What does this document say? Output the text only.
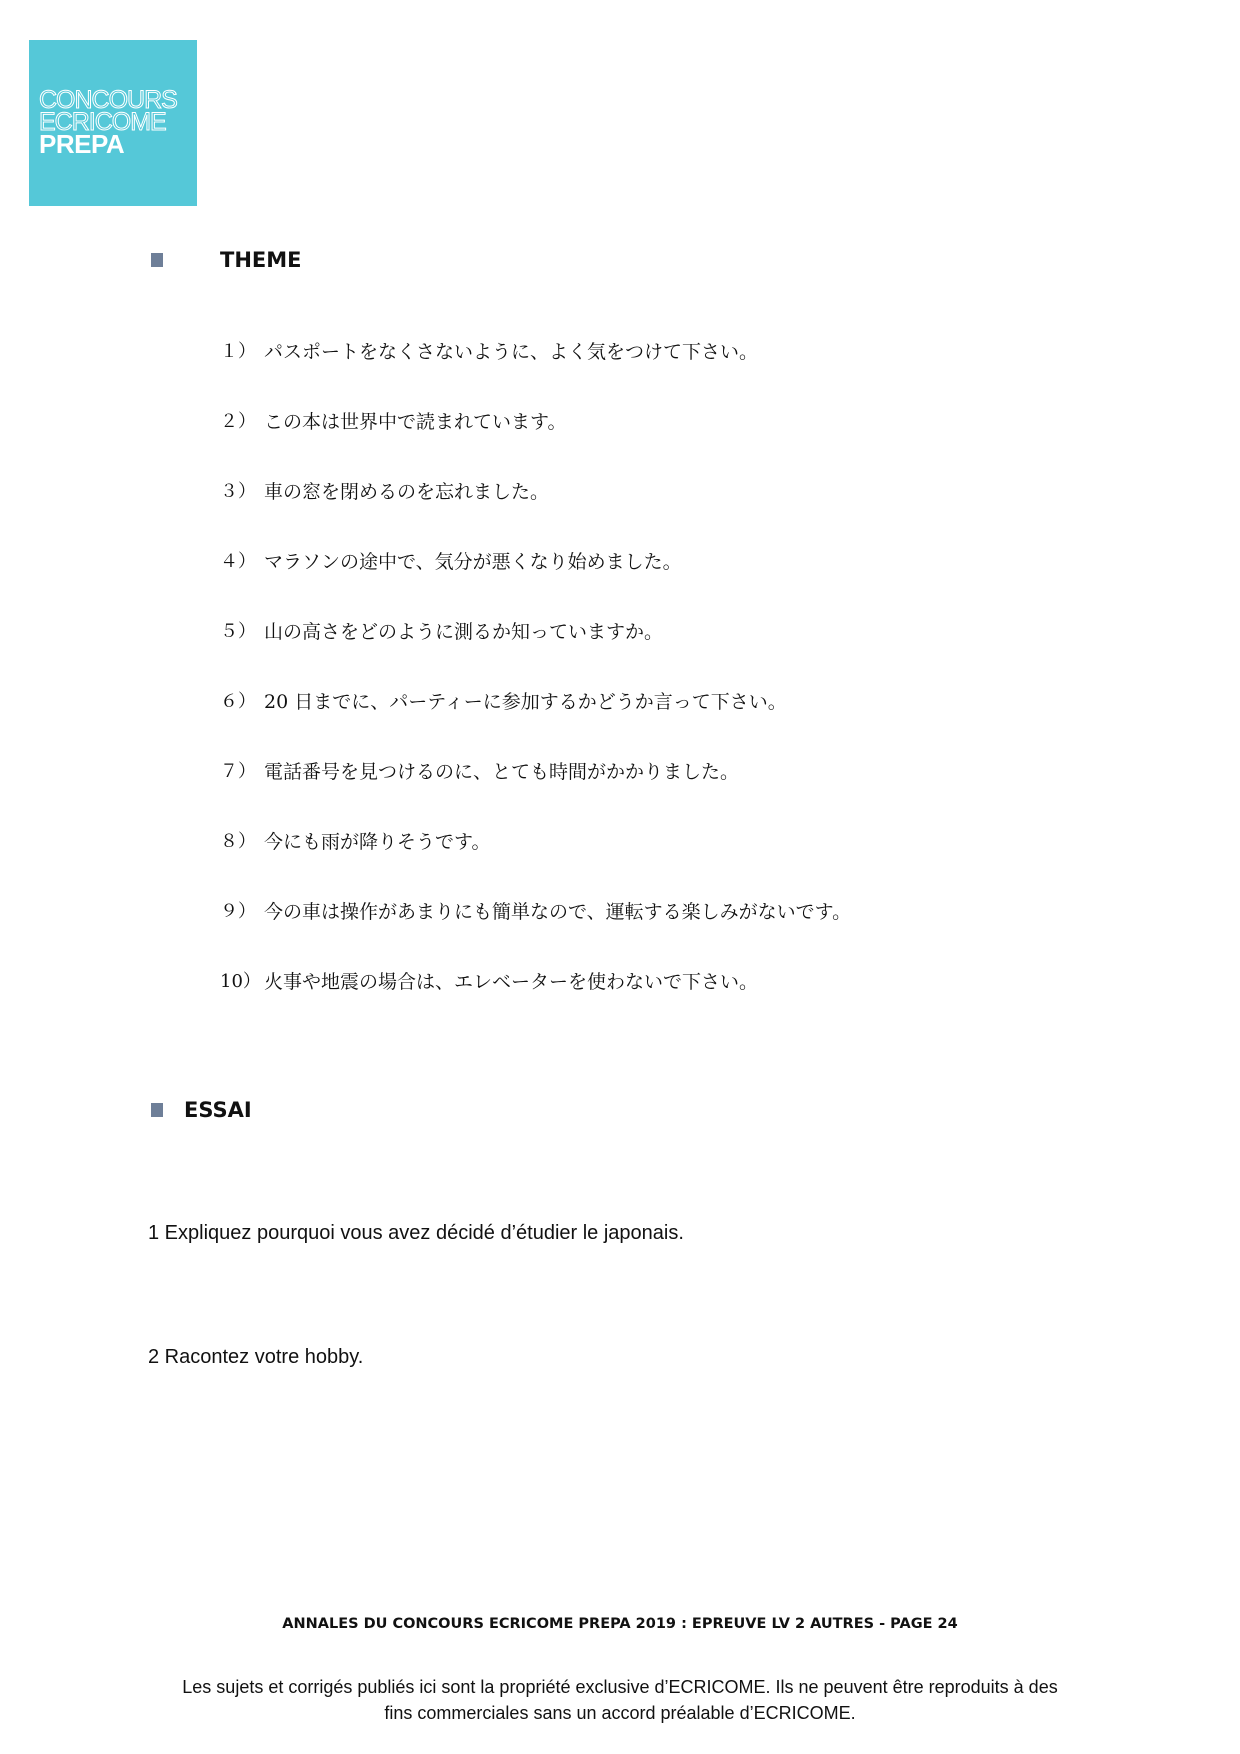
CONCOURS
ECRICOME
PREPA
THEME
１） パスポートをなくさないように、よく気をつけて下さい。
２） この本は世界中で読まれています。
３） 車の窓を閉めるのを忘れました。
４） マラソンの途中で、気分が悪くなり始めました。
５） 山の高さをどのように測るか知っていますか。
６） 20 日までに、パーティーに参加するかどうか言って下さい。
７） 電話番号を見つけるのに、とても時間がかかりました。
８） 今にも雨が降りそうです。
９） 今の車は操作があまりにも簡単なので、運転する楽しみがないです。
10） 火事や地震の場合は、エレベーターを使わないで下さい。
ESSAI
1 Expliquez pourquoi vous avez décidé d’étudier le japonais.
2 Racontez votre hobby.
ANNALES DU CONCOURS ECRICOME PREPA 2019 : EPREUVE LV 2 AUTRES - PAGE 24
Les sujets et corrigés publiés ici sont la propriété exclusive d’ECRICOME. Ils ne peuvent être reproduits à des
fins commerciales sans un accord préalable d’ECRICOME.
